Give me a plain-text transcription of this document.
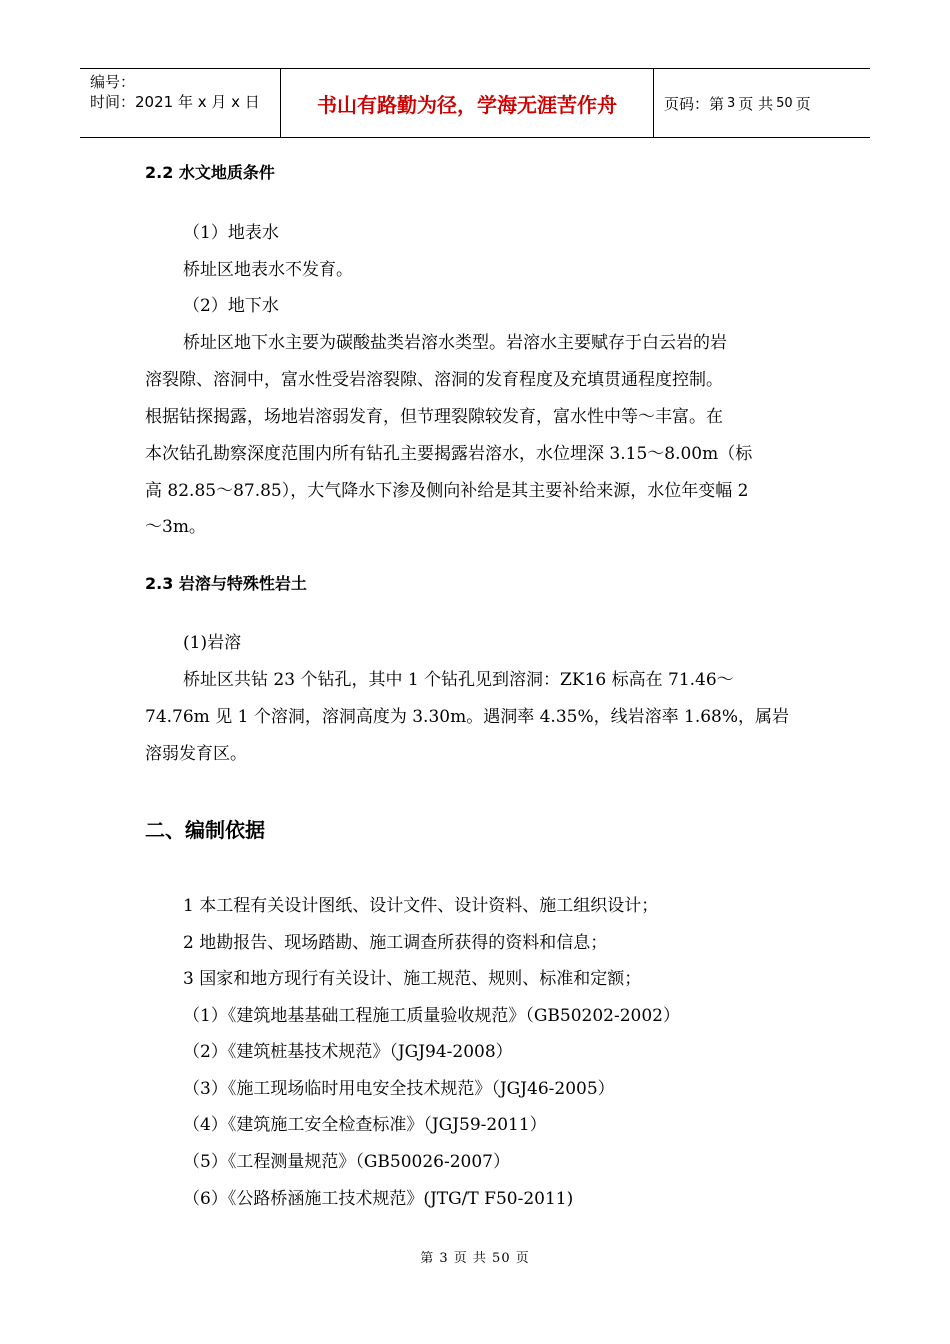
编号：
时间：2021 年 x 月 x 日	书山有路勤为径，学海无涯苦作舟	页码：第 3 页 共 50 页
2.2 水文地质条件
（1）地表水
桥址区地表水不发育。
（2）地下水
桥址区地下水主要为碳酸盐类岩溶水类型。岩溶水主要赋存于白云岩的岩
溶裂隙、溶洞中，富水性受岩溶裂隙、溶洞的发育程度及充填贯通程度控制。
根据钻探揭露，场地岩溶弱发育，但节理裂隙较发育，富水性中等～丰富。在
本次钻孔勘察深度范围内所有钻孔主要揭露岩溶水，水位埋深 3.15～8.00m（标
高 82.85～87.85），大气降水下渗及侧向补给是其主要补给来源，水位年变幅 2
～3m。
2.3 岩溶与特殊性岩土
(1)岩溶
桥址区共钻 23 个钻孔，其中 1 个钻孔见到溶洞：ZK16 标高在 71.46～
74.76m 见 1 个溶洞，溶洞高度为 3.30m。遇洞率 4.35%，线岩溶率 1.68%，属岩
溶弱发育区。
二、编制依据
1 本工程有关设计图纸、设计文件、设计资料、施工组织设计；
2 地勘报告、现场踏勘、施工调查所获得的资料和信息；
3 国家和地方现行有关设计、施工规范、规则、标准和定额；
（1）《建筑地基基础工程施工质量验收规范》（GB50202-2002）
（2）《建筑桩基技术规范》（JGJ94-2008）
（3）《施工现场临时用电安全技术规范》（JGJ46-2005）
（4）《建筑施工安全检查标准》（JGJ59-2011）
（5）《工程测量规范》（GB50026-2007）
（6）《公路桥涵施工技术规范》(JTG/T F50-2011)
第 3 页 共 50 页
